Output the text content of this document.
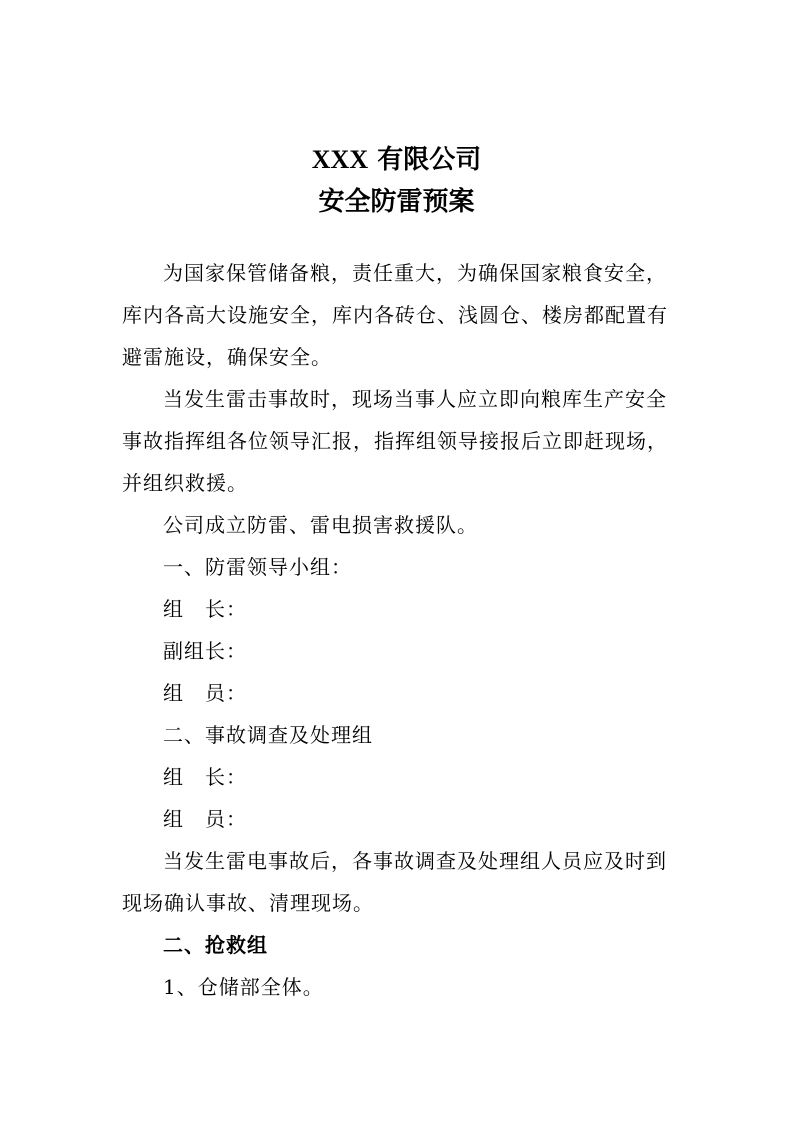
XXX 有限公司
安全防雷预案
为国家保管储备粮，责任重大，为确保国家粮食安全，
库内各高大设施安全，库内各砖仓、浅圆仓、楼房都配置有
避雷施设，确保安全。
当发生雷击事故时，现场当事人应立即向粮库生产安全
事故指挥组各位领导汇报，指挥组领导接报后立即赶现场，
并组织救援。
公司成立防雷、雷电损害救援队。
一、防雷领导小组：
组　长：
副组长：
组　员：
二、事故调查及处理组
组　长：
组　员：
当发生雷电事故后，各事故调查及处理组人员应及时到
现场确认事故、清理现场。
二、抢救组
1、仓储部全体。
